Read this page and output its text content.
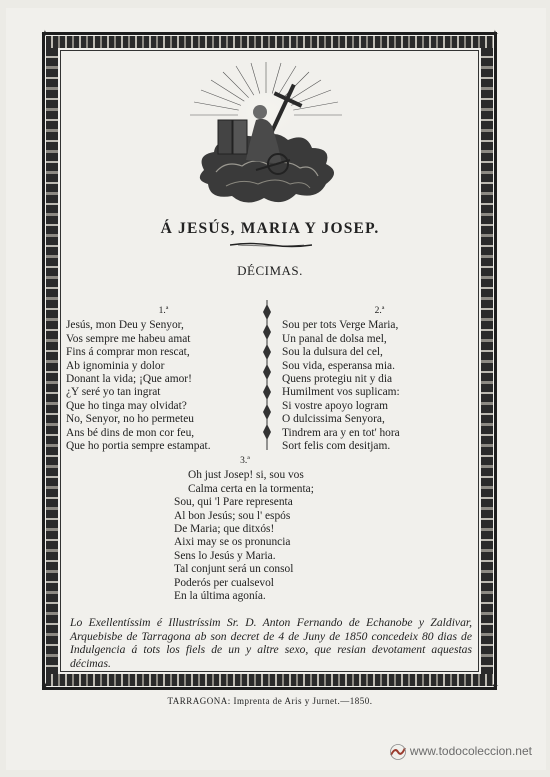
✦	✦
✦	✦
Á JESÚS, MARIA Y JOSEP.
DÉCIMAS.
1.ª
Jesús, mon Deu y Senyor,
Vos sempre me habeu amat
Fins á comprar mon rescat,
Ab ignominia y dolor
Donant la vida; ¡Que amor!
¿Y seré yo tan ingrat
Que ho tinga may olvidat?
No, Senyor, no ho permeteu
Ans bé dins de mon cor feu,
Que ho portia sempre estampat.
2.ª
Sou per tots Verge Maria,
Un panal de dolsa mel,
Sou la dulsura del cel,
Sou vida, esperansa mia.
Quens protegiu nit y dia
Humilment vos suplicam:
Si vostre apoyo logram
O dulcissima Senyora,
Tindrem ara y en tot' hora
Sort felis com desitjam.
3.ª
Oh just Josep! si, sou vos
Calma certa en la tormenta;
Sou, qui 'l Pare representa
Al bon Jesús; sou l' espós
De Maria; que ditxós!
Aixi may se os pronuncia
Sens lo Jesús y Maria.
Tal conjunt será un consol
Poderós per cualsevol
En la última agonía.
Lo Exellentíssim é Illustríssim Sr. D. Anton Fernando de Echanobe y Zaldivar, Arquebisbe de Tarragona ab son decret de 4 de Juny de 1850 concedeix 80 dias de Indulgencia á tots los fiels de un y altre sexo, que resian devotament aquestas décimas.
TARRAGONA: Imprenta de Aris y Jurnet.—1850.
www.todocoleccion.net
